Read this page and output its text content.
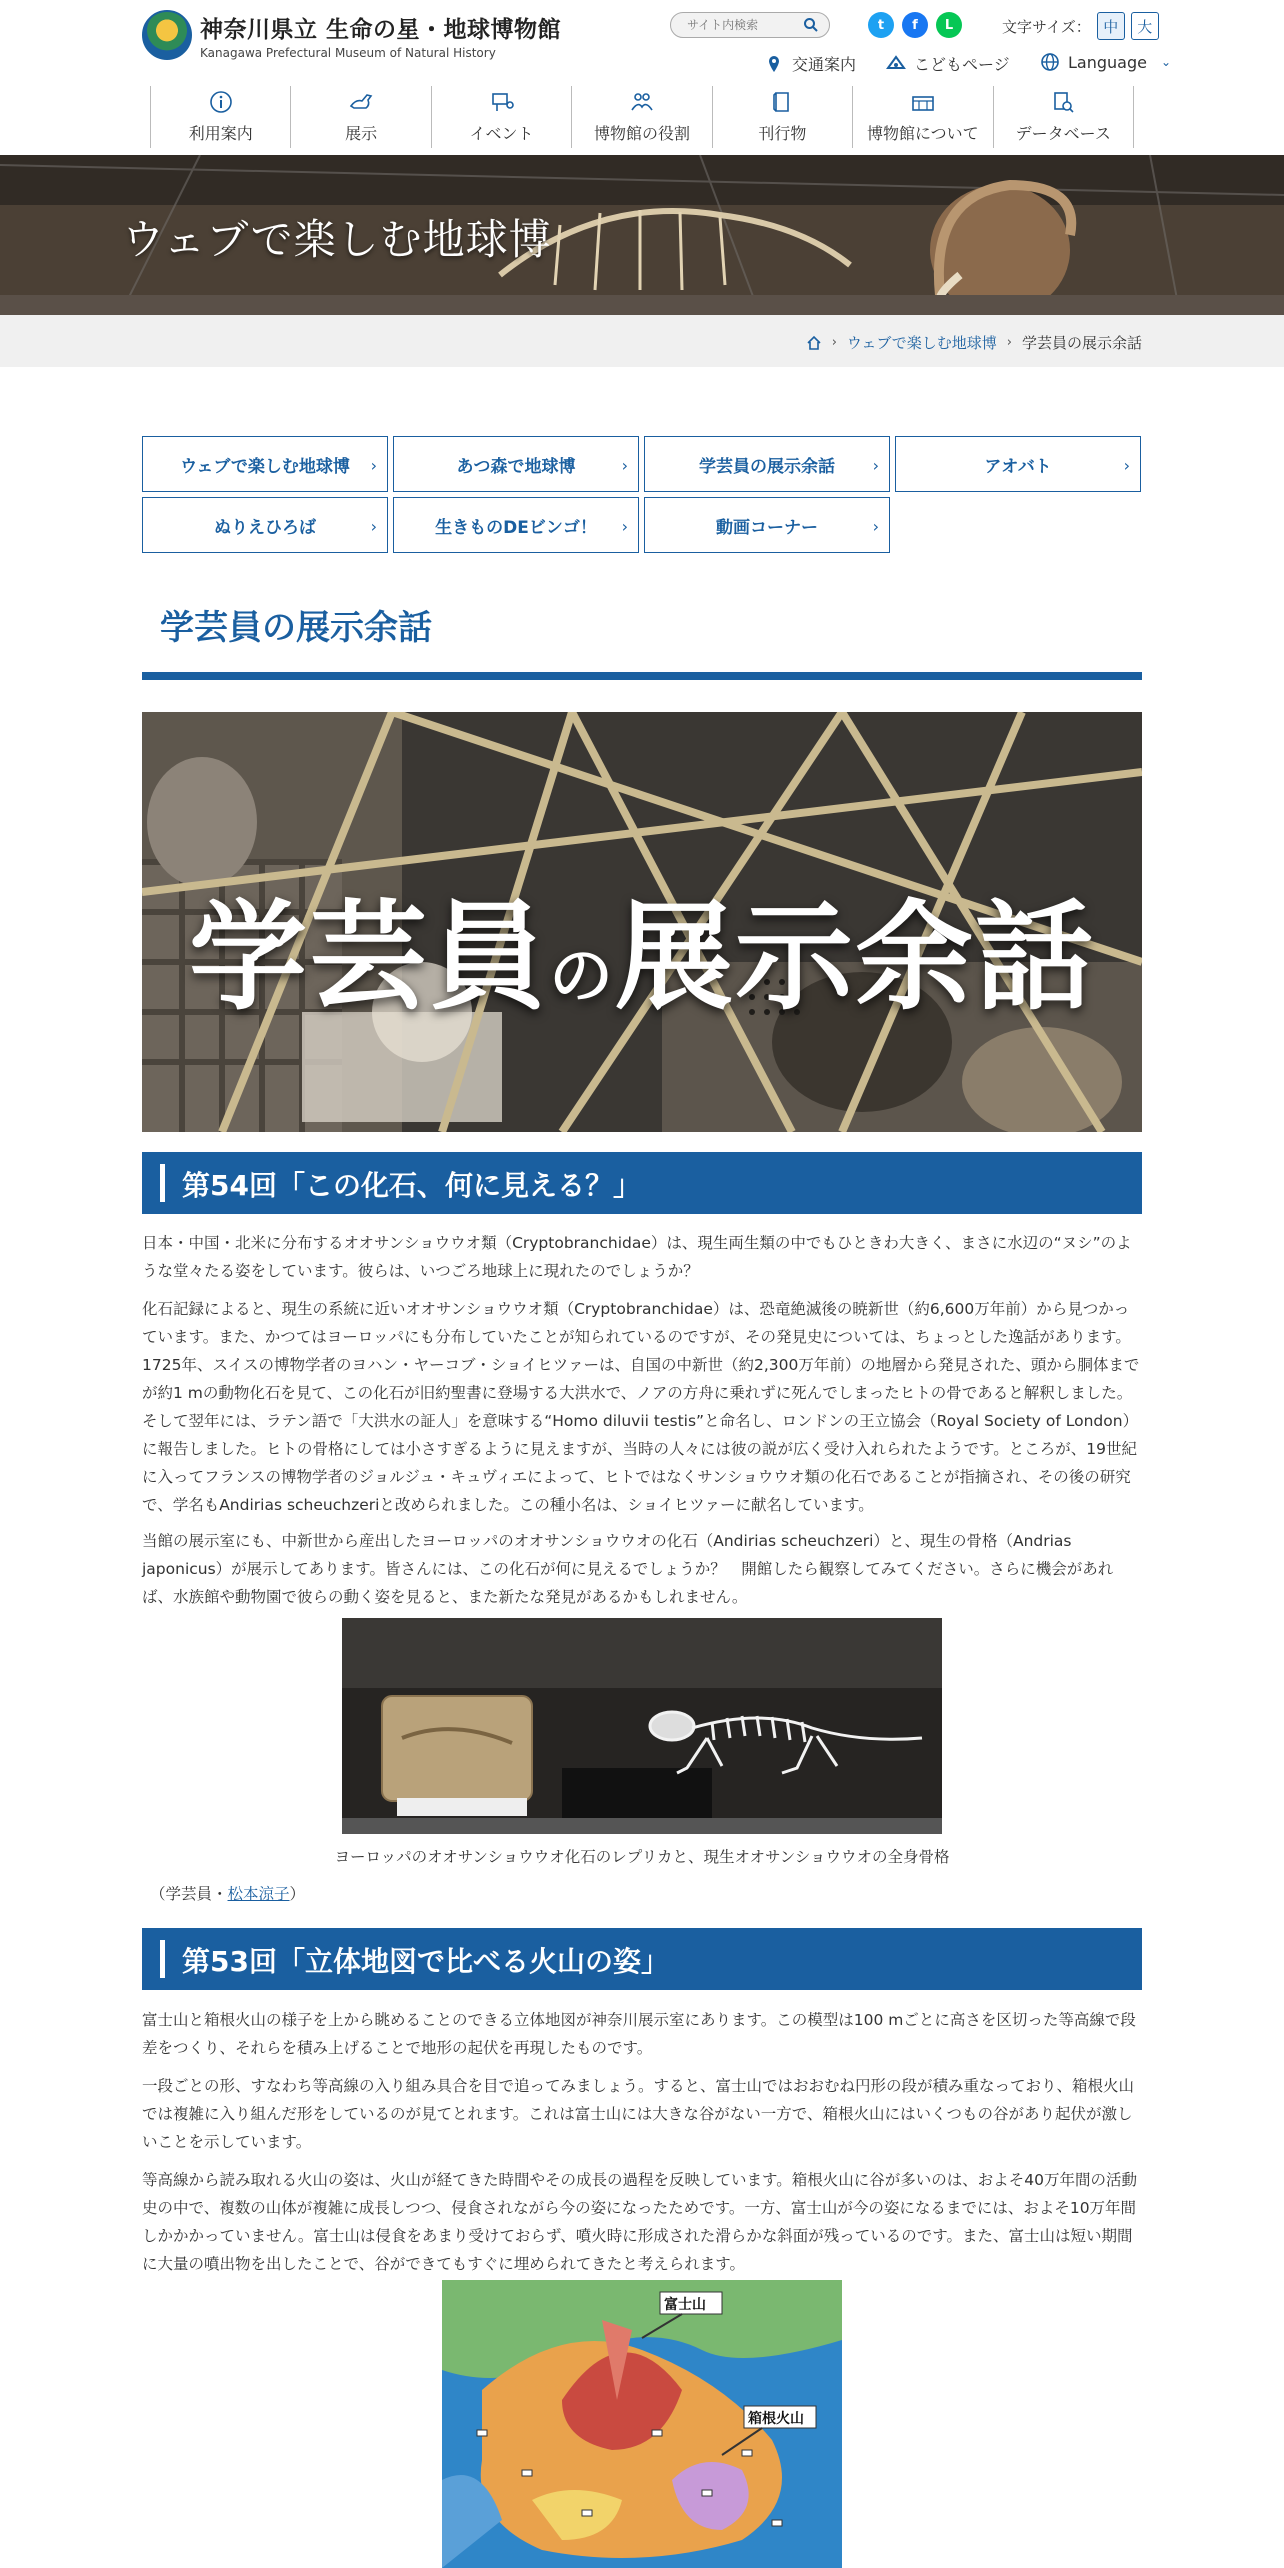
神奈川県立 生命の星・地球博物館
Kanagawa Prefectural Museum of Natural History
サイト内検索
t	f	L	文字サイズ： 中	大
交通案内	こどもページ	Language ⌄
利用案内	展示	イベント	博物館の役割	刊行物	博物館について データベース
ウェブで楽しむ地球博
› ウェブで楽しむ地球博 › 学芸員の展示余話
ウェブで楽しむ地球博 ›	あつ森で地球博	›	学芸員の展示余話 ›	アオバト	›
ぬりえひろば	›	生きものDEビンゴ！ ›	動画コーナー	›
学芸員の展示余話
学芸員の展示余話
第54回「この化石、何に見える？」

日本・中国・北米に分布するオオサンショウウオ類（Cryptobranchidae）は、現生両生類の中でもひときわ大きく、まさに水辺の“ヌシ”のような堂々たる姿をしています。彼らは、いつごろ地球上に現れたのでしょうか？

化石記録によると、現生の系統に近いオオサンショウウオ類（Cryptobranchidae）は、恐竜絶滅後の暁新世（約6,600万年前）から見つかっています。また、かつてはヨーロッパにも分布していたことが知られているのですが、その発見史については、ちょっとした逸話があります。1725年、スイスの博物学者のヨハン・ヤーコブ・ショイヒツァーは、自国の中新世（約2,300万年前）の地層から発見された、頭から胴体までが約1 mの動物化石を見て、この化石が旧約聖書に登場する大洪水で、ノアの方舟に乗れずに死んでしまったヒトの骨であると解釈しました。そして翌年には、ラテン語で「大洪水の証人」を意味する“Homo diluvii testis”と命名し、ロンドンの王立協会（Royal Society of London）に報告しました。ヒトの骨格にしては小さすぎるように見えますが、当時の人々には彼の説が広く受け入れられたようです。ところが、19世紀に入ってフランスの博物学者のジョルジュ・キュヴィエによって、ヒトではなくサンショウウオ類の化石であることが指摘され、その後の研究で、学名もAndirias scheuchzeriと改められました。この種小名は、ショイヒツァーに献名しています。

当館の展示室にも、中新世から産出したヨーロッパのオオサンショウウオの化石（Andirias scheuchzeri）と、現生の骨格（Andrias japonicus）が展示してあります。皆さんには、この化石が何に見えるでしょうか？　開館したら観察してみてください。さらに機会があれば、水族館や動物園で彼らの動く姿を見ると、また新たな発見があるかもしれません。

ヨーロッパのオオサンショウウオ化石のレプリカと、現生オオサンショウウオの全身骨格

（学芸員・松本涼子）

第53回「立体地図で比べる火山の姿」

富士山と箱根火山の様子を上から眺めることのできる立体地図が神奈川展示室にあります。この模型は100 mごとに高さを区切った等高線で段差をつくり、それらを積み上げることで地形の起伏を再現したものです。

一段ごとの形、すなわち等高線の入り組み具合を目で追ってみましょう。すると、富士山ではおおむね円形の段が積み重なっており、箱根火山では複雑に入り組んだ形をしているのが見てとれます。これは富士山には大きな谷がない一方で、箱根火山にはいくつもの谷があり起伏が激しいことを示しています。

等高線から読み取れる火山の姿は、火山が経てきた時間やその成長の過程を反映しています。箱根火山に谷が多いのは、およそ40万年間の活動史の中で、複数の山体が複雑に成長しつつ、侵食されながら今の姿になったためです。一方、富士山が今の姿になるまでには、およそ10万年間しかかかっていません。富士山は侵食をあまり受けておらず、噴火時に形成された滑らかな斜面が残っているのです。また、富士山は短い期間に大量の噴出物を出したことで、谷ができてもすぐに埋められてきたと考えられます。

富士山
箱根火山
